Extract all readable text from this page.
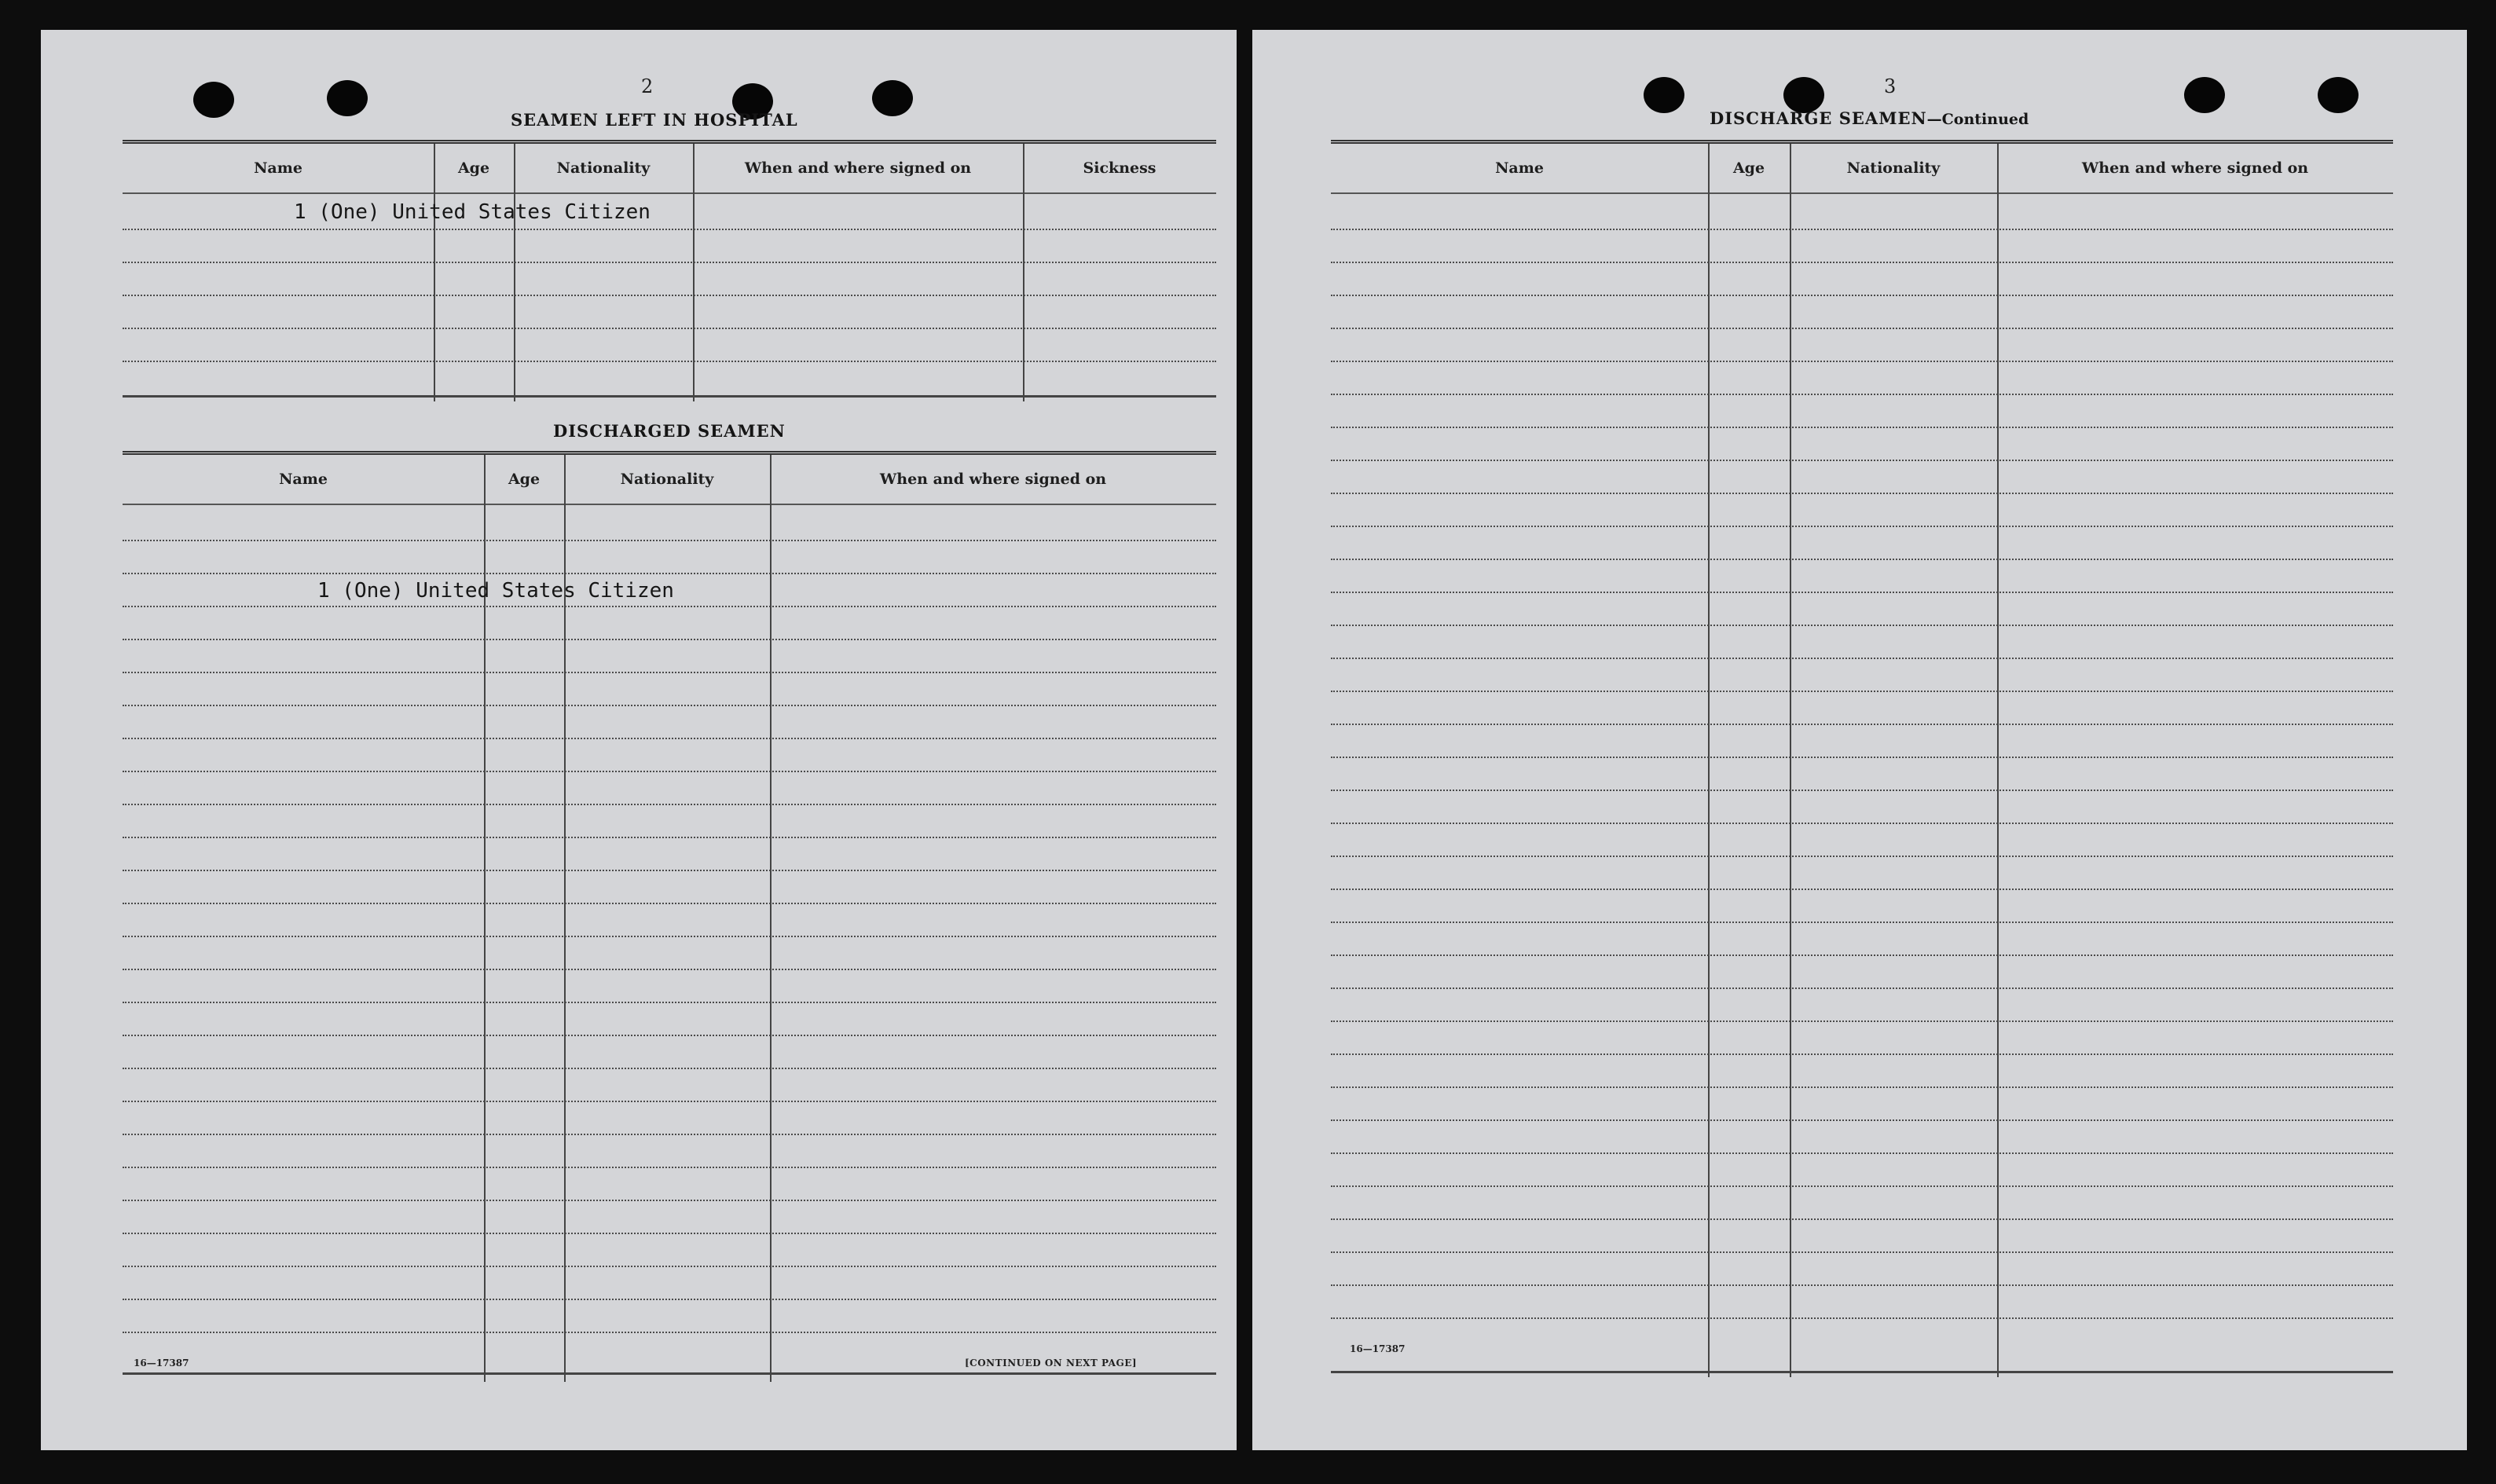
2
SEAMEN LEFT IN HOSPITAL
Name	Age	Nationality	When and where signed on	Sickness
1 (One) United States Citizen
DISCHARGED SEAMEN
Name	Age	Nationality	When and where signed on
1 (One) United States Citizen
16—17387	[CONTINUED ON NEXT PAGE]
3
DISCHARGE SEAMEN—Continued
Name	Age	Nationality	When and where signed on
16—17387
